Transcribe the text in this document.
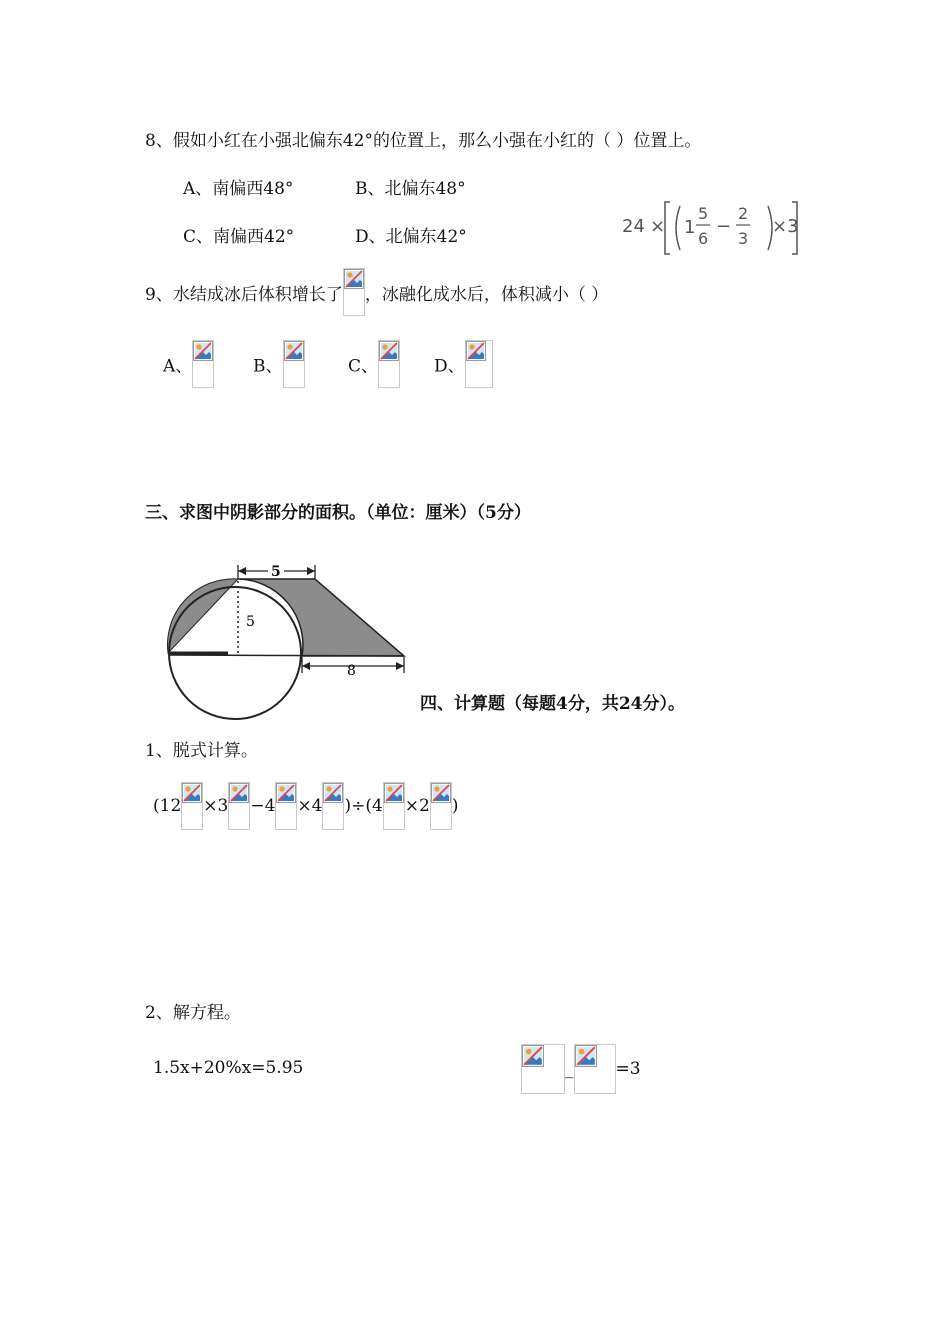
8、假如小红在小强北偏东42°的位置上，那么小强在小红的（ ）位置上。
A、南偏西48°	B、北偏东48°
C、南偏西42°	D、北偏东42°	24 × 1
5
6
−
2
3
×3
9、水结成冰后体积增长了 ，冰融化成水后，体积减小（ ）
A、	B、	C、	D、
三、求图中阴影部分的面积。（单位：厘米）（5分）
5
5
8
四、计算题（每题4分，共24分）。
1、脱式计算。
(12 ×3 −4 ×4 )÷(4 ×2 )
2、解方程。
1.5x+20%x=5.95	_ =3
